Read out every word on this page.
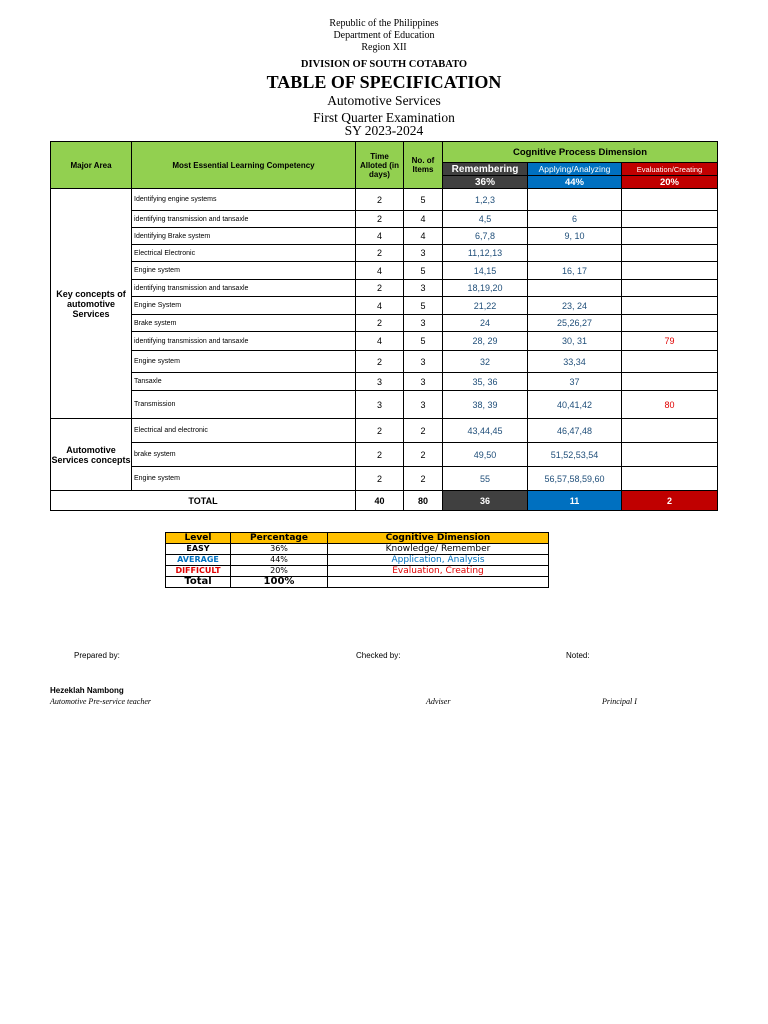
Republic of the Philippines
Department of Education
Region XII
DIVISION OF SOUTH COTABATO
TABLE OF SPECIFICATION
Automotive Services
First Quarter Examination
SY 2023-2024
Major Area	Most Essential Learning Competency	Time Alloted (in days)	No. of Items	Cognitive Process Dimension		
				Remembering	Applying/Analyzing	Evaluation/Creating
				36%	44%	20%
Key concepts of automotive Services	Identifying engine systems	2	5	1,2,3		
	identifying transmission and tansaxle	2	4	4,5	6	
	Identifying Brake system	4	4	6,7,8	9, 10	
	Electrical Electronic	2	3	11,12,13		
	Engine system	4	5	14,15	16, 17	
	identifying transmission and tansaxle	2	3	18,19,20		
	Engine System	4	5	21,22	23, 24	
	Brake system	2	3	24	25,26,27	
	identifying transmission and tansaxle	4	5	28, 29	30, 31	79
	Engine system	2	3	32	33,34	
	Tansaxle	3	3	35, 36	37	
	Transmission	3	3	38, 39	40,41,42	80
Automotive Services concepts	Electrical and electronic	2	2	43,44,45	46,47,48	
	brake system	2	2	49,50	51,52,53,54	
	Engine system	2	2	55	56,57,58,59,60	
TOTAL		40	80	36	11	2
Level	Percentage	Cognitive Dimension
EASY	36%	Knowledge/ Remember
AVERAGE	44%	Application, Analysis
DIFFICULT	20%	Evaluation, Creating
Total	100%	
Prepared by:	Checked by:	Noted:
Hezeklah Nambong
Automotive Pre-service teacher	Adviser	Principal I
